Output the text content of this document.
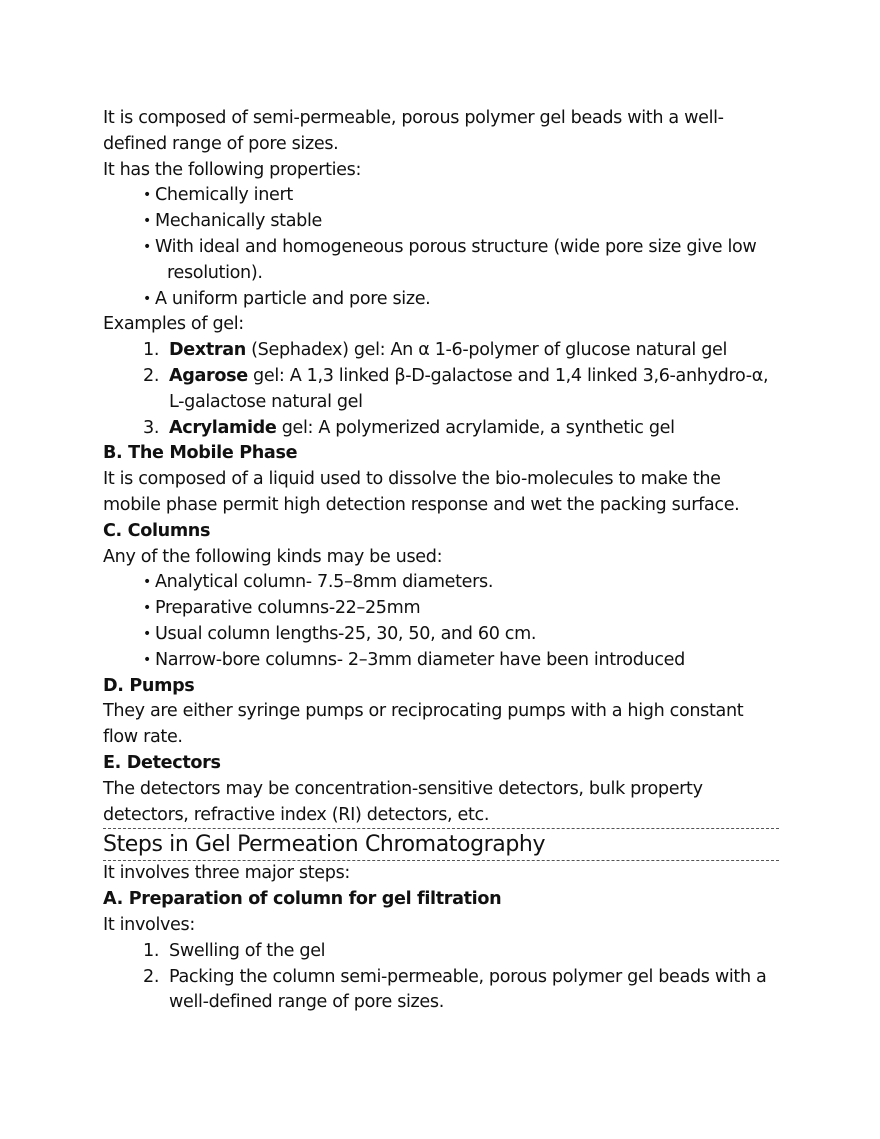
It is composed of semi-permeable, porous polymer gel beads with a well-

defined range of pore sizes.

It has the following properties:

• Chemically inert
• Mechanically stable
• With ideal and homogeneous porous structure (wide pore size give low
resolution).
• A uniform particle and pore size.

Examples of gel:

1. Dextran (Sephadex) gel: An α 1-6-polymer of glucose natural gel
2. Agarose gel: A 1,3 linked β-D-galactose and 1,4 linked 3,6-anhydro-α,
L-galactose natural gel
3. Acrylamide gel: A polymerized acrylamide, a synthetic gel

B. The Mobile Phase

It is composed of a liquid used to dissolve the bio-molecules to make the

mobile phase permit high detection response and wet the packing surface.

C. Columns

Any of the following kinds may be used:

• Analytical column- 7.5–8mm diameters.
• Preparative columns-22–25mm
• Usual column lengths-25, 30, 50, and 60 cm.
• Narrow-bore columns- 2–3mm diameter have been introduced

D. Pumps

They are either syringe pumps or reciprocating pumps with a high constant

flow rate.

E. Detectors

The detectors may be concentration-sensitive detectors, bulk property

detectors, refractive index (RI) detectors, etc.

Steps in Gel Permeation Chromatography

It involves three major steps:

A. Preparation of column for gel filtration

It involves:

1. Swelling of the gel
2. Packing the column semi-permeable, porous polymer gel beads with a
well-defined range of pore sizes.
